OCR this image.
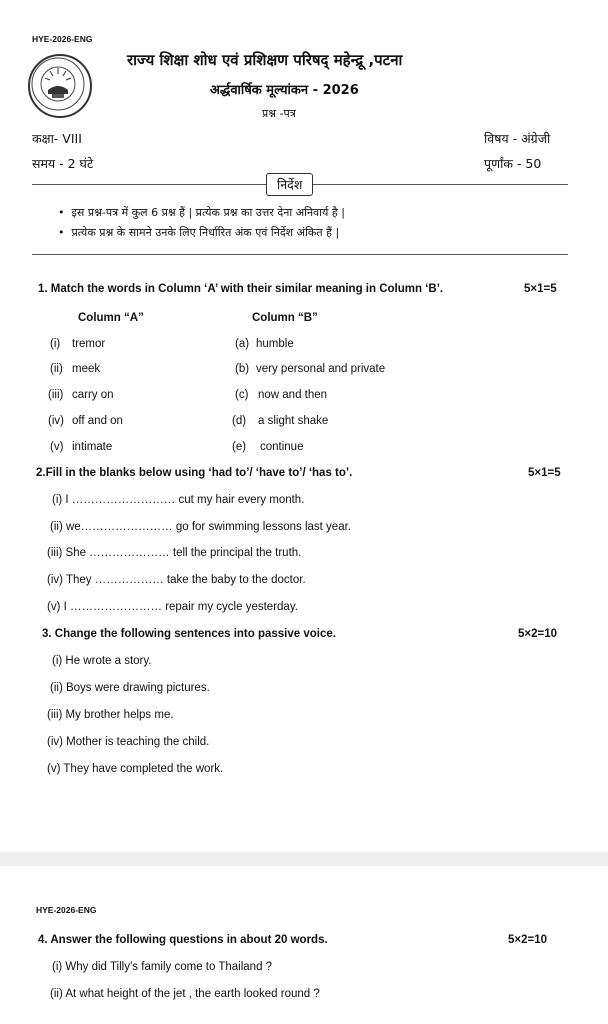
HYE-2026-ENG
राज्य शिक्षा शोध एवं प्रशिक्षण परिषद् महेन्द्रू ,पटना
अर्द्धवार्षिक मूल्यांकन - 2026
प्रश्न -पत्र
कक्षा- VIII	विषय - अंग्रेजी
समय - 2 घंटे	पूर्णांक - 50
निर्देश
•  इस प्रश्न-पत्र में कुल 6 प्रश्न हैं | प्रत्येक प्रश्न का उत्तर देना अनिवार्य है |
•  प्रत्येक प्रश्न के सामने उनके लिए निर्धारित अंक एवं निर्देश अंकित हैं |
1. Match the words in Column ‘A’ with their similar meaning in Column ‘B’.	5×1=5
Column “A”	Column “B”
(i) tremor	(a) humble
(ii) meek	(b) very personal and private
(iii) carry on	(c) now and then
(iv) off and on	(d) a slight shake
(v) intimate	(e) continue
2.Fill in the blanks below using ‘had to’/ ‘have to’/ ‘has to’.	5×1=5
(i) I ……………………… cut my hair every month.
(ii) we…………………… go for swimming lessons last year.
(iii) She ………………… tell the principal the truth.
(iv) They ……………… take the baby to the doctor.
(v) I …………………… repair my cycle yesterday.
3. Change the following sentences into passive voice.	5×2=10
(i) He wrote a story.
(ii) Boys were drawing pictures.
(iii) My brother helps me.
(iv) Mother is teaching the child.
(v) They have completed the work.
HYE-2026-ENG
4. Answer the following questions in about 20 words.	5×2=10
(i) Why did Tilly’s family come to Thailand ?
(ii) At what height of the jet , the earth looked round ?
